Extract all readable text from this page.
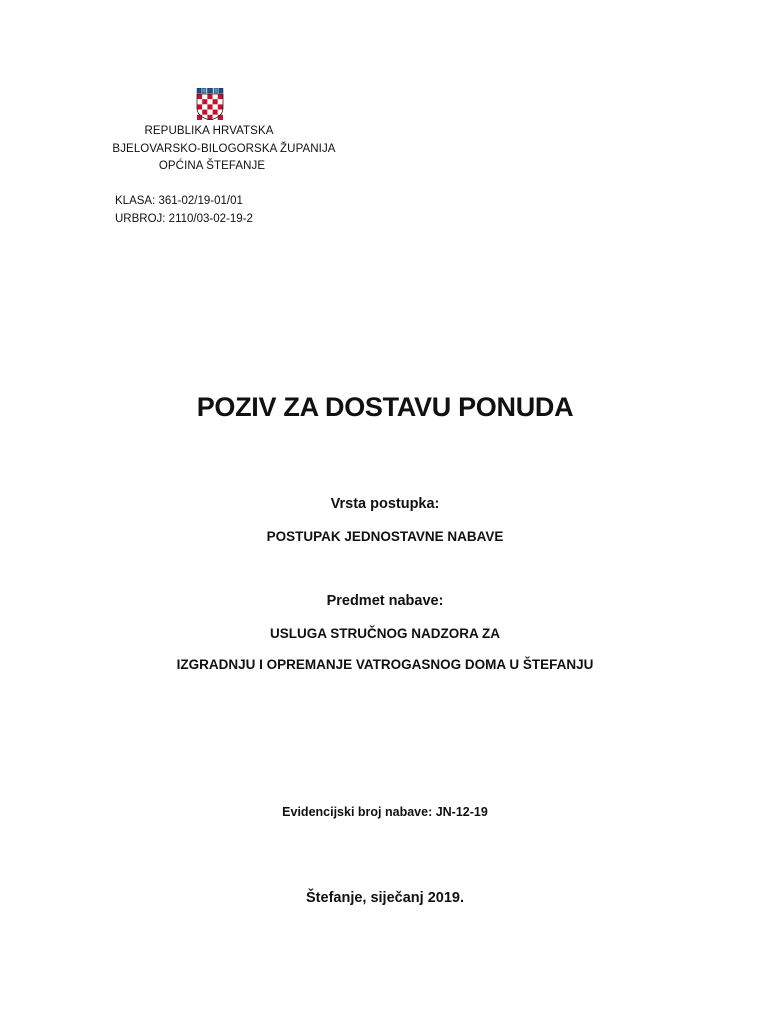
REPUBLIKA HRVATSKA
BJELOVARSKO-BILOGORSKA ŽUPANIJA
OPĆINA ŠTEFANJE
KLASA: 361-02/19-01/01
URBROJ: 2110/03-02-19-2
POZIV ZA DOSTAVU PONUDA
Vrsta postupka:
POSTUPAK JEDNOSTAVNE NABAVE
Predmet nabave:
USLUGA STRUČNOG NADZORA ZA
IZGRADNJU I OPREMANJE VATROGASNOG DOMA U ŠTEFANJU
Evidencijski broj nabave: JN-12-19
Štefanje, siječanj 2019.
